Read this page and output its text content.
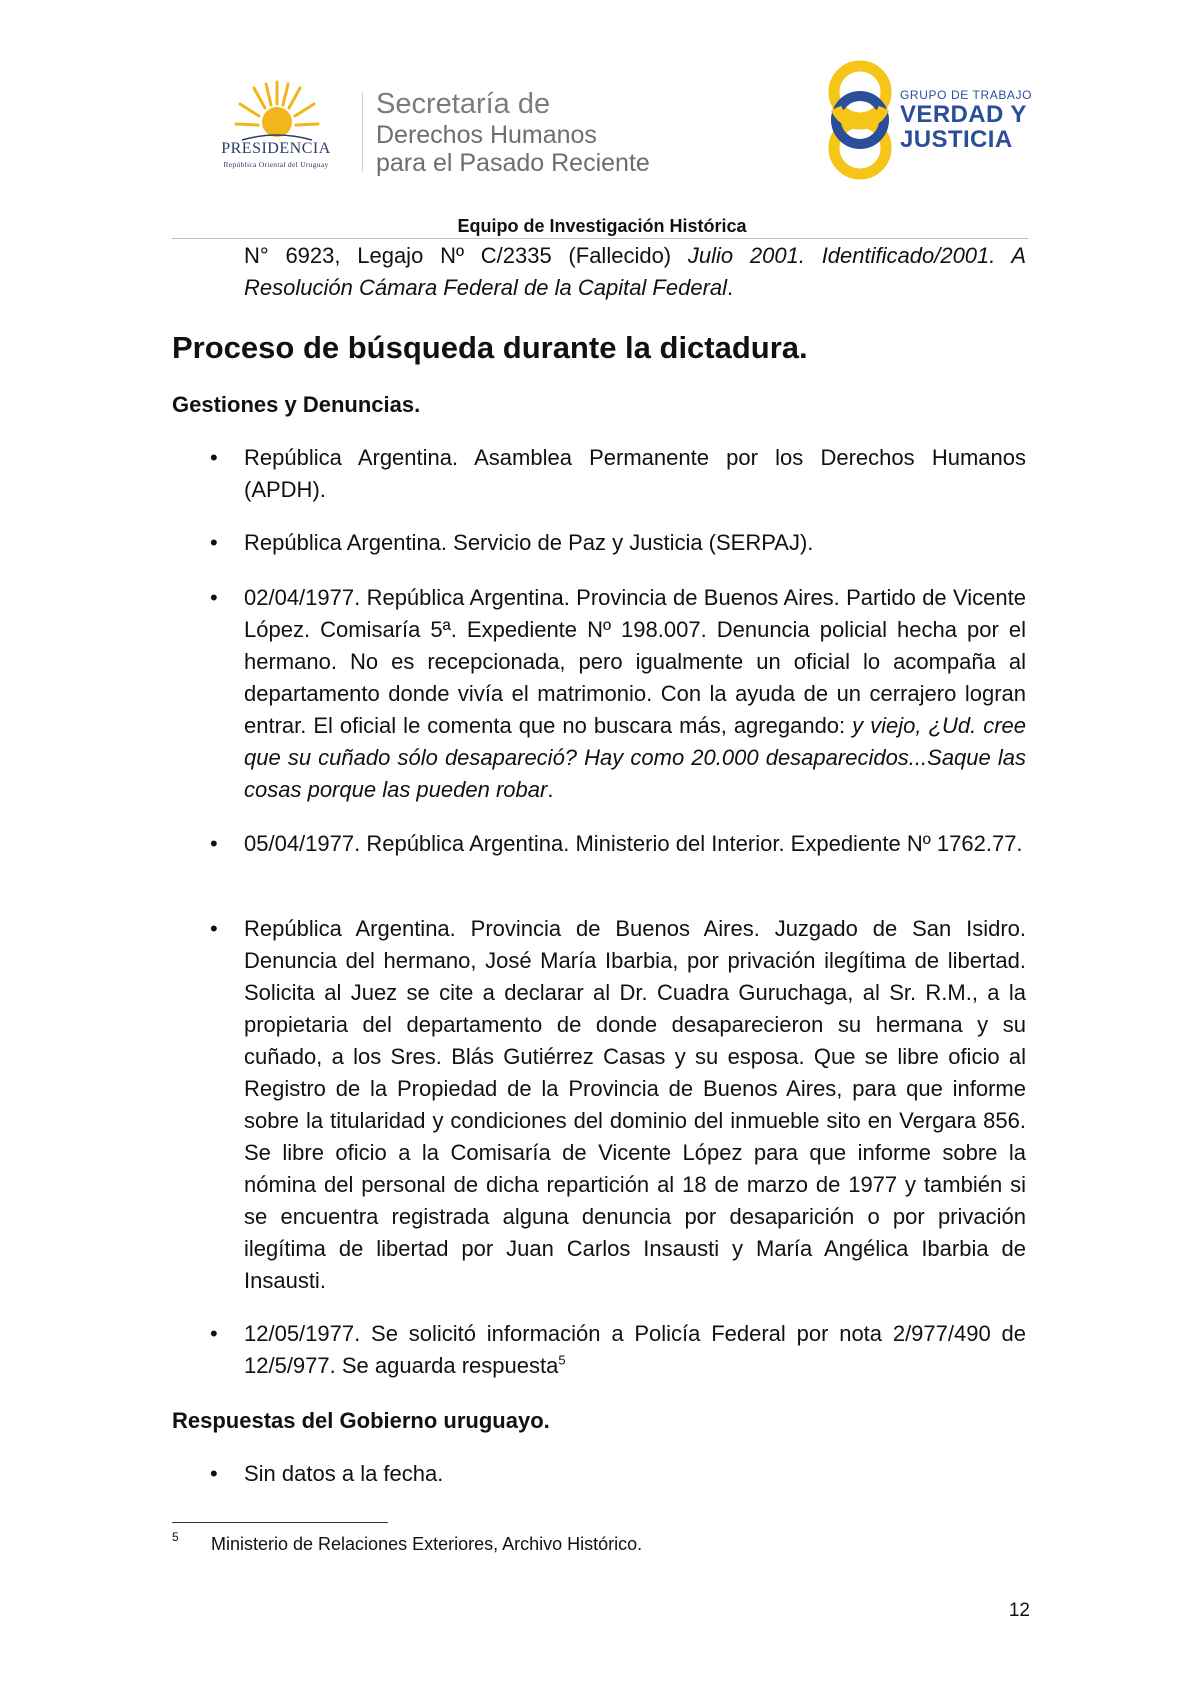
PRESIDENCIA
República Oriental del Uruguay
Secretaría de
Derechos Humanos
para el Pasado Reciente
GRUPO DE TRABAJO
VERDAD Y
JUSTICIA
Equipo de Investigación Histórica
N° 6923, Legajo Nº C/2335 (Fallecido) Julio 2001. Identificado/2001. A Resolución Cámara Federal de la Capital Federal.
Proceso de búsqueda durante la dictadura.
Gestiones y Denuncias.
• República Argentina. Asamblea Permanente por los Derechos Humanos (APDH).
• República Argentina. Servicio de Paz y Justicia (SERPAJ).
• 02/04/1977. República Argentina. Provincia de Buenos Aires. Partido de Vicente López. Comisaría 5ª. Expediente Nº 198.007. Denuncia policial hecha por el hermano. No es recepcionada, pero igualmente un oficial lo acompaña al departamento donde vivía el matrimonio. Con la ayuda de un cerrajero logran entrar. El oficial le comenta que no buscara más, agregando: y viejo, ¿Ud. cree que su cuñado sólo desapareció? Hay como 20.000 desaparecidos...Saque las cosas porque las pueden robar.
• 05/04/1977. República Argentina. Ministerio del Interior. Expediente Nº 1762.77.
• República Argentina. Provincia de Buenos Aires. Juzgado de San Isidro. Denuncia del hermano, José María Ibarbia, por privación ilegítima de libertad. Solicita al Juez se cite a declarar al Dr. Cuadra Guruchaga, al Sr. R.M., a la propietaria del departamento de donde desaparecieron su hermana y su cuñado, a los Sres. Blás Gutiérrez Casas y su esposa. Que se libre oficio al Registro de la Propiedad de la Provincia de Buenos Aires, para que informe sobre la titularidad y condiciones del dominio del inmueble sito en Vergara 856. Se libre oficio a la Comisaría de Vicente López para que informe sobre la nómina del personal de dicha repartición al 18 de marzo de 1977 y también si se encuentra registrada alguna denuncia por desaparición o por privación ilegítima de libertad por Juan Carlos Insausti y María Angélica Ibarbia de Insausti.
• 12/05/1977. Se solicitó información a Policía Federal por nota 2/977/490 de 12/5/977. Se aguarda respuesta$^5$
Respuestas del Gobierno uruguayo.
• Sin datos a la fecha.
5 Ministerio de Relaciones Exteriores, Archivo Histórico.
12
